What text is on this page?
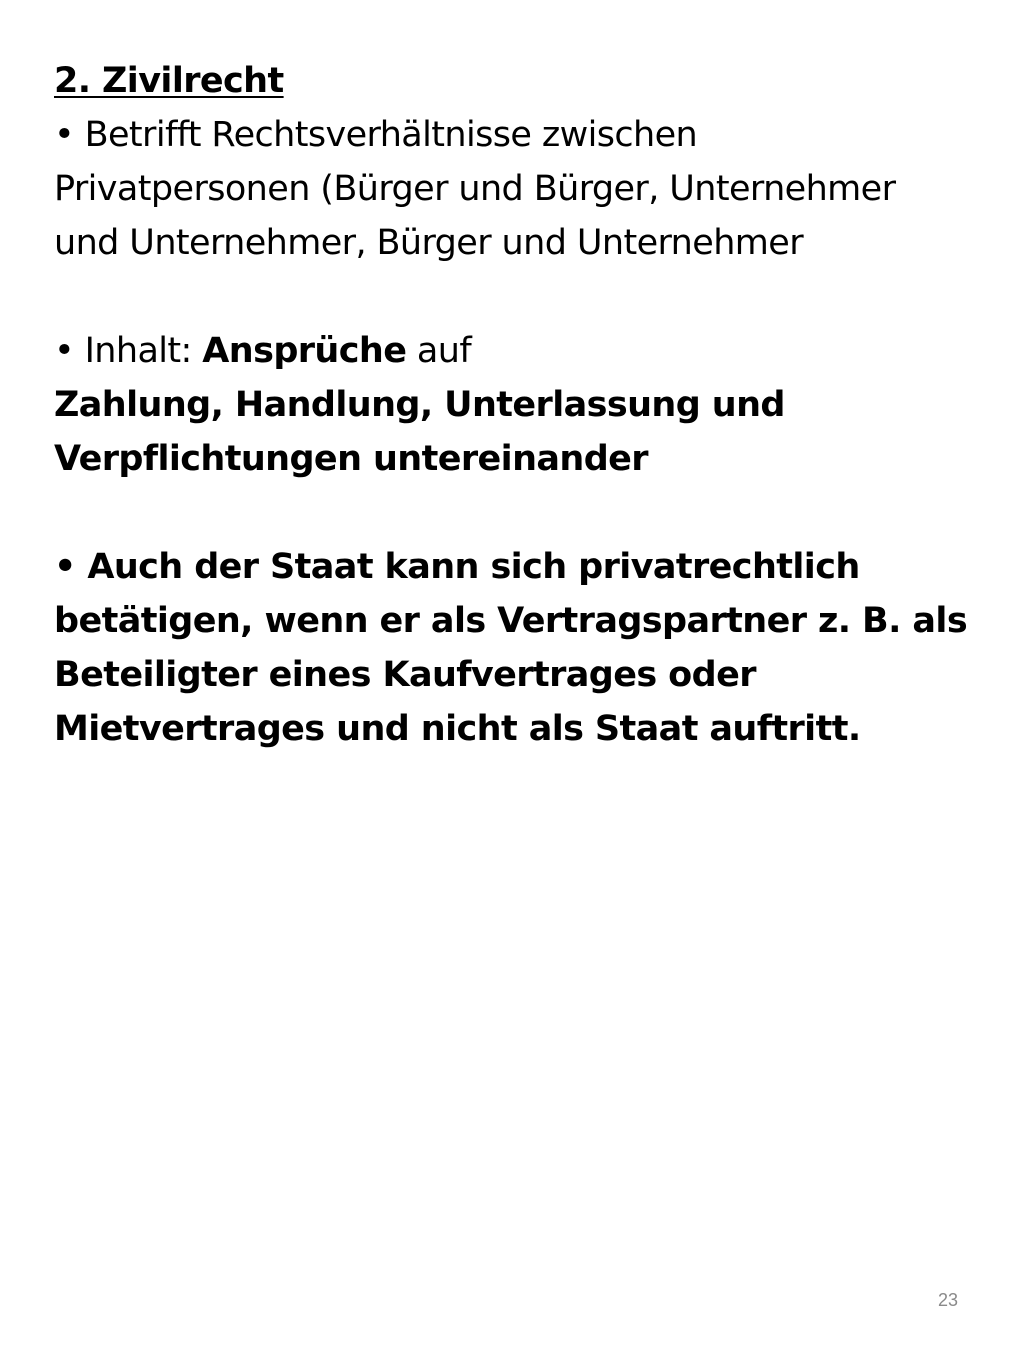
2. Zivilrecht
• Betrifft Rechtsverhältnisse zwischen
Privatpersonen (Bürger und Bürger, Unternehmer
und Unternehmer, Bürger und Unternehmer
• Inhalt: Ansprüche auf
Zahlung, Handlung, Unterlassung und
Verpflichtungen untereinander
• Auch der Staat kann sich privatrechtlich
betätigen, wenn er als Vertragspartner z. B. als
Beteiligter eines Kaufvertrages oder
Mietvertrages und nicht als Staat auftritt.
23
